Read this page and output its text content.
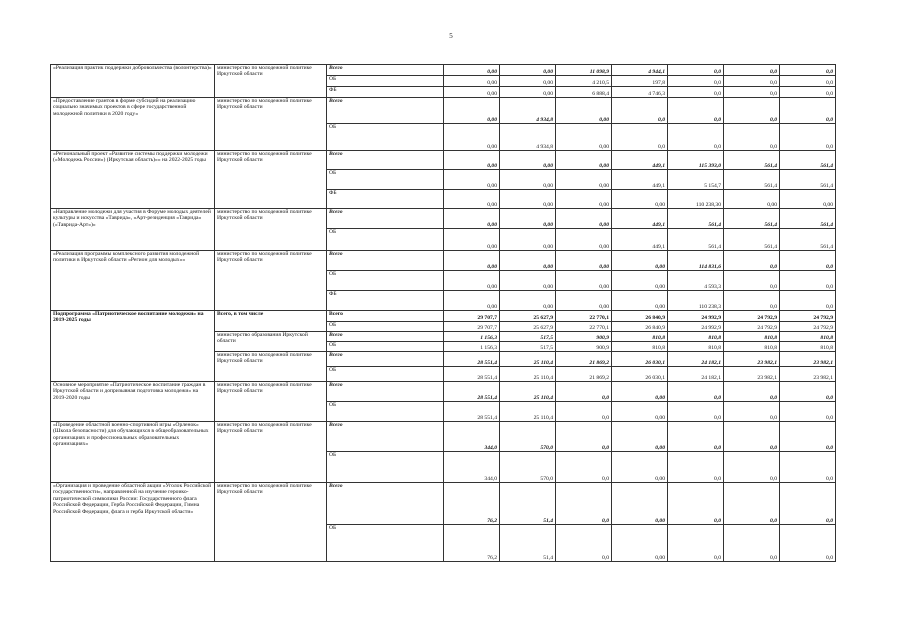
5
«Реализация практик поддержки добровольчества (волонтерства)»	министерство по молодежной политике Иркутской области	Всего	0,00	0,00	11 098,9	4 944,1	0,0	0,0	0,0
		ОБ	0,00	0,00	4 210,5	197,8	0,0	0,0	0,0
		ФБ	0,00	0,00	6 888,4	4 746,3	0,0	0,0	0,0
«Предоставление грантов в форме субсидий на реализацию социально значимых проектов в сфере государственной молодежной политики в 2020 году»	министерство по молодежной политике Иркутской области	Всего	0,00	4 934,8	0,00	0,0	0,0	0,0	0,0
		ОБ	0,00	4 934,8	0,00	0,0	0,0	0,0	0,0
«Региональный проект «Развитие системы поддержки молодежи («Молодежь России») (Иркутская область)»» на 2022-2025 годы	министерство по молодежной политике Иркутской области	Всего	0,00	0,00	0,00	449,1	115 393,0	561,4	561,4
		ОБ	0,00	0,00	0,00	449,1	5 154,7	561,4	561,4
		ФБ	0,00	0,00	0,00	0,00	110 238,30	0,00	0,00
«Направление молодежи для участия в Форуме молодых деятелей культуры и искусства «Таврида», «Арт-резиденция «Таврида» («Таврида-Арт»)»	министерство по молодежной политике Иркутской области	Всего	0,00	0,00	0,00	449,1	561,4	561,4	561,4
		ОБ	0,00	0,00	0,00	449,1	561,4	561,4	561,4
«Реализация программы комплексного развития молодежной политики в Иркутской области «Регион для молодых»»	министерство по молодежной политике Иркутской области	Всего	0,00	0,00	0,00	0,00	114 831,6	0,0	0,0
		ОБ	0,00	0,00	0,00	0,00	4 593,3	0,0	0,0
		ФБ	0,00	0,00	0,00	0,00	110 238,3	0,0	0,0
Подпрограмма «Патриотическое воспитание молодежи» на 2019-2025 годы	Всего, в том числе	Всего	29 707,7	25 627,9	22 770,1	26 840,9	24 992,9	24 792,9	24 792,9
		ОБ	29 707,7	25 627,9	22 770,1	26 840,9	24 992,9	24 792,9	24 792,9
	министерство образования Иркутской области	Всего	1 156,3	517,5	900,9	810,8	810,8	810,8	810,8
		ОБ	1 156,3	517,5	900,9	810,8	810,8	810,8	810,8
	министерство по молодежной политике Иркутской области	Всего	28 551,4	25 110,4	21 869,2	26 030,1	24 182,1	23 982,1	23 982,1
		ОБ	28 551,4	25 110,4	21 869,2	26 030,1	24 182,1	23 982,1	23 982,1
Основное мероприятие «Патриотическое воспитание граждан в Иркутской области и допризывная подготовка молодежи» на 2019-2020 годы	министерство по молодежной политике Иркутской области	Всего	28 551,4	25 110,4	0,0	0,00	0,0	0,0	0,0
		ОБ	28 551,4	25 110,4	0,0	0,00	0,0	0,0	0,0
«Проведение областной военно-спортивной игры «Орленок» (Школа безопасности) для обучающихся в общеобразовательных организациях и профессиональных образовательных организациях»	министерство по молодежной политике Иркутской области	Всего	344,0	570,0	0,0	0,00	0,0	0,0	0,0
		ОБ	344,0	570,0	0,0	0,00	0,0	0,0	0,0
«Организация и проведение областной акции «Уголок Российской государственности», направленной на изучение героико-патриотической символики России: Государственного флага Российской Федерации, Герба Российской Федерации, Гимна Российской Федерации, флага и герба Иркутской области»	министерство по молодежной политике Иркутской области	Всего	76,2	51,4	0,0	0,00	0,0	0,0	0,0
		ОБ	76,2	51,4	0,0	0,00	0,0	0,0	0,0
